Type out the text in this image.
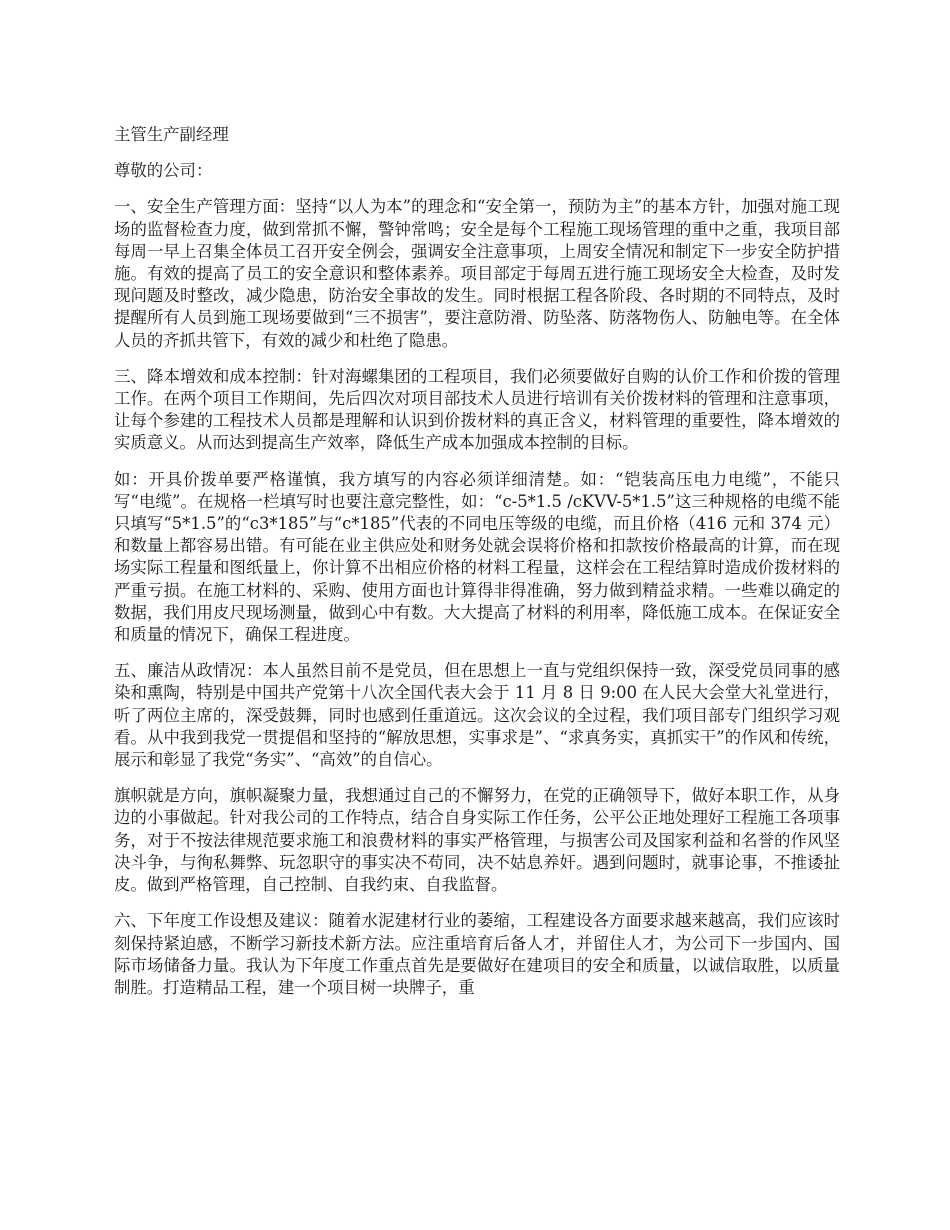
主管生产副经理

尊敬的公司：

一、安全生产管理方面：坚持“以人为本”的理念和“安全第一，预防为主”的基本方针，加强对施工现场的监督检查力度，做到常抓不懈，警钟常鸣；安全是每个工程施工现场管理的重中之重，我项目部每周一早上召集全体员工召开安全例会，强调安全注意事项，上周安全情况和制定下一步安全防护措施。有效的提高了员工的安全意识和整体素养。项目部定于每周五进行施工现场安全大检查，及时发现问题及时整改，减少隐患，防治安全事故的发生。同时根据工程各阶段、各时期的不同特点，及时提醒所有人员到施工现场要做到“三不损害”，要注意防滑、防坠落、防落物伤人、防触电等。在全体人员的齐抓共管下，有效的减少和杜绝了隐患。

三、降本增效和成本控制：针对海螺集团的工程项目，我们必须要做好自购的认价工作和价拨的管理工作。在两个项目工作期间，先后四次对项目部技术人员进行培训有关价拨材料的管理和注意事项，让每个参建的工程技术人员都是理解和认识到价拨材料的真正含义，材料管理的重要性，降本增效的实质意义。从而达到提高生产效率，降低生产成本加强成本控制的目标。

如：开具价拨单要严格谨慎，我方填写的内容必须详细清楚。如：“铠装高压电力电缆”，不能只写“电缆”。在规格一栏填写时也要注意完整性，如：“c-5*1.5 /cKVV-5*1.5”这三种规格的电缆不能只填写“5*1.5”的“c3*185”与“c*185”代表的不同电压等级的电缆，而且价格（416 元和 374 元）和数量上都容易出错。有可能在业主供应处和财务处就会误将价格和扣款按价格最高的计算，而在现场实际工程量和图纸量上，你计算不出相应价格的材料工程量，这样会在工程结算时造成价拨材料的严重亏损。在施工材料的、采购、使用方面也计算得非得准确，努力做到精益求精。一些难以确定的数据，我们用皮尺现场测量，做到心中有数。大大提高了材料的利用率，降低施工成本。在保证安全和质量的情况下，确保工程进度。

五、廉洁从政情况：本人虽然目前不是党员，但在思想上一直与党组织保持一致，深受党员同事的感染和熏陶，特别是中国共产党第十八次全国代表大会于 11 月 8 日 9:00 在人民大会堂大礼堂进行，听了两位主席的，深受鼓舞，同时也感到任重道远。这次会议的全过程，我们项目部专门组织学习观看。从中我到我党一贯提倡和坚持的“解放思想，实事求是”、“求真务实，真抓实干”的作风和传统，展示和彰显了我党“务实”、“高效”的自信心。

旗帜就是方向，旗帜凝聚力量，我想通过自己的不懈努力，在党的正确领导下，做好本职工作，从身边的小事做起。针对我公司的工作特点，结合自身实际工作任务，公平公正地处理好工程施工各项事务，对于不按法律规范要求施工和浪费材料的事实严格管理，与损害公司及国家利益和名誉的作风坚决斗争，与徇私舞弊、玩忽职守的事实决不苟同，决不姑息养奸。遇到问题时，就事论事，不推诿扯皮。做到严格管理，自己控制、自我约束、自我监督。

六、下年度工作设想及建议：随着水泥建材行业的萎缩，工程建设各方面要求越来越高，我们应该时刻保持紧迫感，不断学习新技术新方法。应注重培育后备人才，并留住人才，为公司下一步国内、国际市场储备力量。我认为下年度工作重点首先是要做好在建项目的安全和质量，以诚信取胜，以质量制胜。打造精品工程，建一个项目树一块牌子，重
